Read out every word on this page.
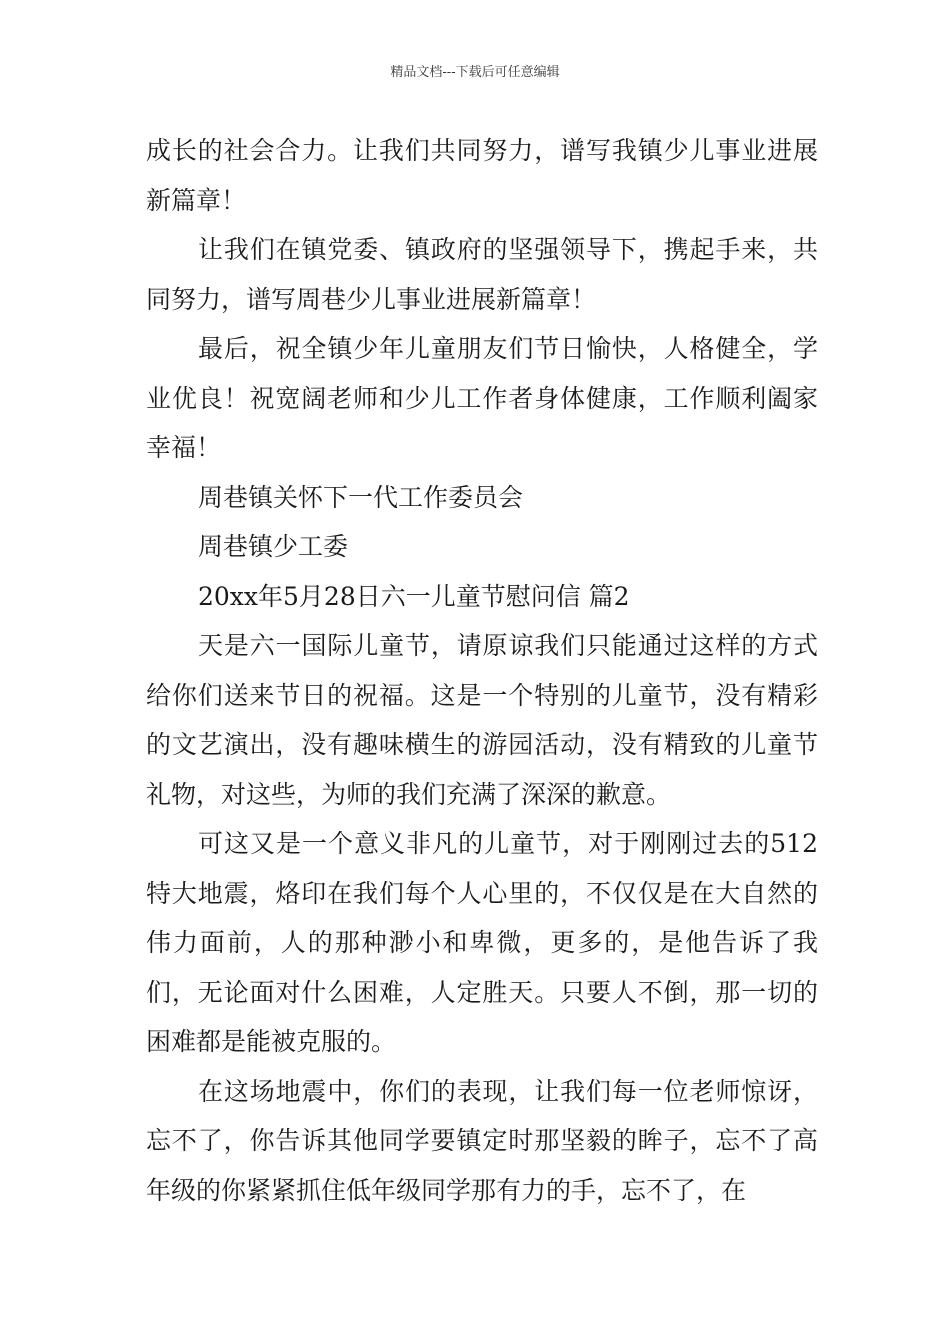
精品文档---下载后可任意编辑

成长的社会合力。让我们共同努力，谱写我镇少儿事业进展新篇章！

让我们在镇党委、镇政府的坚强领导下，携起手来，共同努力，谱写周巷少儿事业进展新篇章！

最后，祝全镇少年儿童朋友们节日愉快，人格健全，学业优良！祝宽阔老师和少儿工作者身体健康，工作顺利阖家幸福！

周巷镇关怀下一代工作委员会

周巷镇少工委

20xx年5月28日六一儿童节慰问信 篇2

天是六一国际儿童节，请原谅我们只能通过这样的方式给你们送来节日的祝福。这是一个特别的儿童节，没有精彩的文艺演出，没有趣味横生的游园活动，没有精致的儿童节礼物，对这些，为师的我们充满了深深的歉意。

可这又是一个意义非凡的儿童节，对于刚刚过去的512特大地震，烙印在我们每个人心里的，不仅仅是在大自然的伟力面前，人的那种渺小和卑微，更多的，是他告诉了我们，无论面对什么困难，人定胜天。只要人不倒，那一切的困难都是能被克服的。

在这场地震中，你们的表现，让我们每一位老师惊讶，忘不了，你告诉其他同学要镇定时那坚毅的眸子，忘不了高年级的你紧紧抓住低年级同学那有力的手，忘不了，在
